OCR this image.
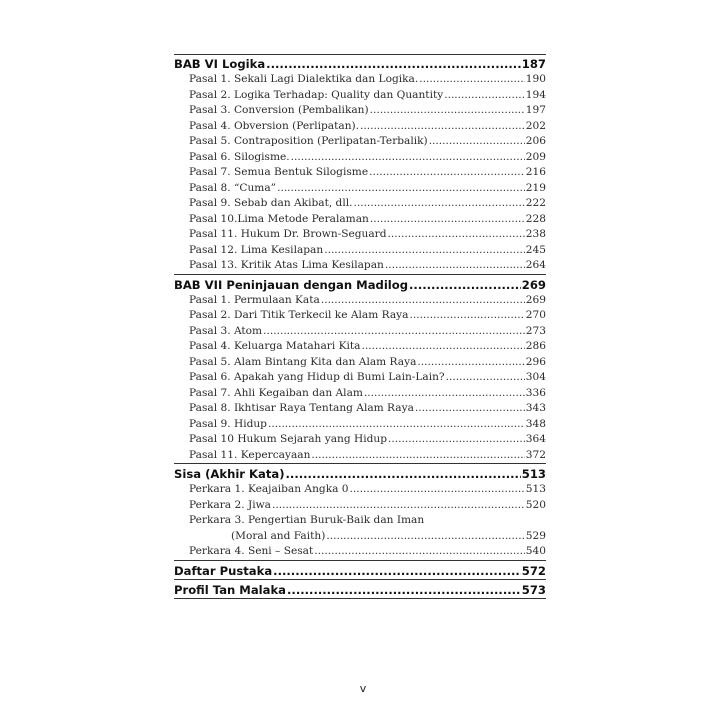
BAB VI Logika .....	187
Pasal 1. Sekali Lagi Dialektika dan Logika. .....	190
Pasal 2. Logika Terhadap: Quality dan Quantity .....	194
Pasal 3. Conversion (Pembalikan) .....	197
Pasal 4. Obversion (Perlipatan). .....	202
Pasal 5. Contraposition (Perlipatan-Terbalik) .....	206
Pasal 6. Silogisme. .....	209
Pasal 7. Semua Bentuk Silogisme .....	216
Pasal 8. “Cuma” .....	219
Pasal 9. Sebab dan Akibat, dll. .....	222
Pasal 10.Lima Metode Peralaman .....	228
Pasal 11. Hukum Dr. Brown-Seguard .....	238
Pasal 12. Lima Kesilapan .....	245
Pasal 13. Kritik Atas Lima Kesilapan .....	264
BAB VII Peninjauan dengan Madilog .....	269
Pasal 1. Permulaan Kata .....	269
Pasal 2. Dari Titik Terkecil ke Alam Raya .....	270
Pasal 3. Atom .....	273
Pasal 4. Keluarga Matahari Kita .....	286
Pasal 5. Alam Bintang Kita dan Alam Raya .....	296
Pasal 6. Apakah yang Hidup di Bumi Lain-Lain? .....	304
Pasal 7. Ahli Kegaiban dan Alam .....	336
Pasal 8. Ikhtisar Raya Tentang Alam Raya .....	343
Pasal 9. Hidup .....	348
Pasal 10 Hukum Sejarah yang Hidup .....	364
Pasal 11. Kepercayaan .....	372
Sisa (Akhir Kata) .....	513
Perkara 1. Keajaiban Angka 0 .....	513
Perkara 2. Jiwa .....	520
Perkara 3. Pengertian Buruk-Baik dan Iman
(Moral and Faith) .....	529
Perkara 4. Seni – Sesat .....	540
Daftar Pustaka .....	572
Profil Tan Malaka .....	573
v
